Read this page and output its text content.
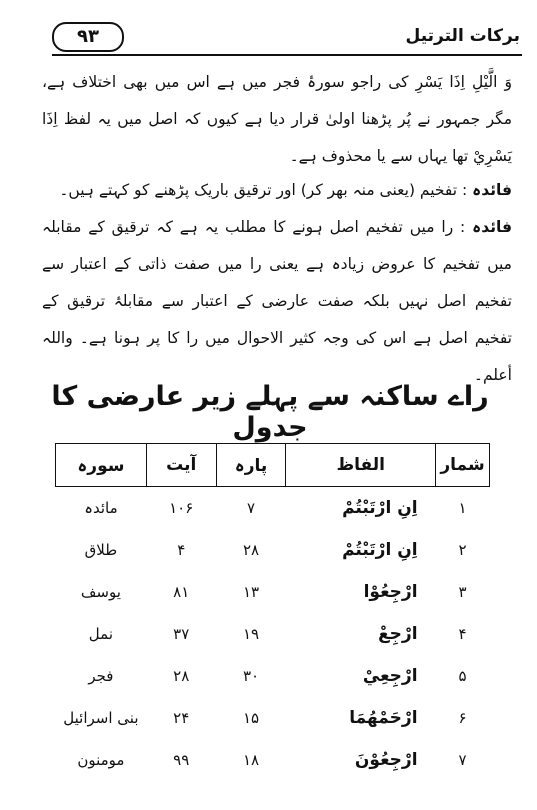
برکات الترتیل
۹۳
وَ الَّيْلِ اِذَا يَسْرِ کی راجو سورۂ فجر میں ہے اس میں بھی اختلاف ہے، مگر جمہور نے پُر پڑھنا اولیٰ قرار دیا ہے کیوں کہ اصل میں یہ لفظ اِذَا يَسْرِيْ تھا یہاں سے یا محذوف ہے۔
فائدہ : تفخیم (یعنی منہ بھر کر) اور ترقیق باریک پڑھنے کو کہتے ہیں۔
فائدہ : را میں تفخیم اصل ہونے کا مطلب یہ ہے کہ ترقیق کے مقابلہ میں تفخیم کا عروض زیادہ ہے یعنی را میں صفت ذاتی کے اعتبار سے تفخیم اصل نہیں بلکہ صفت عارضی کے اعتبار سے مقابلۂ ترقیق کے تفخیم اصل ہے اس کی وجہ کثیر الاحوال میں را کا پر ہونا ہے۔ واللہ أعلم۔
راے ساکنہ سے پہلے زیر عارضی کا جدول
شمار	الفاظ	پارہ	آیت	سورہ
۱	اِنِ ارْتَبْتُمْ	۷	۱۰۶	مائدہ
۲	اِنِ ارْتَبْتُمْ	۲۸	۴	طلاق
۳	ارْجِعُوْا	۱۳	۸۱	یوسف
۴	ارْجِعْ	۱۹	۳۷	نمل
۵	ارْجِعِيْ	۳۰	۲۸	فجر
۶	ارْحَمْهُمَا	۱۵	۲۴	بنی اسرائیل
۷	ارْجِعُوْنَ	۱۸	۹۹	مومنون
